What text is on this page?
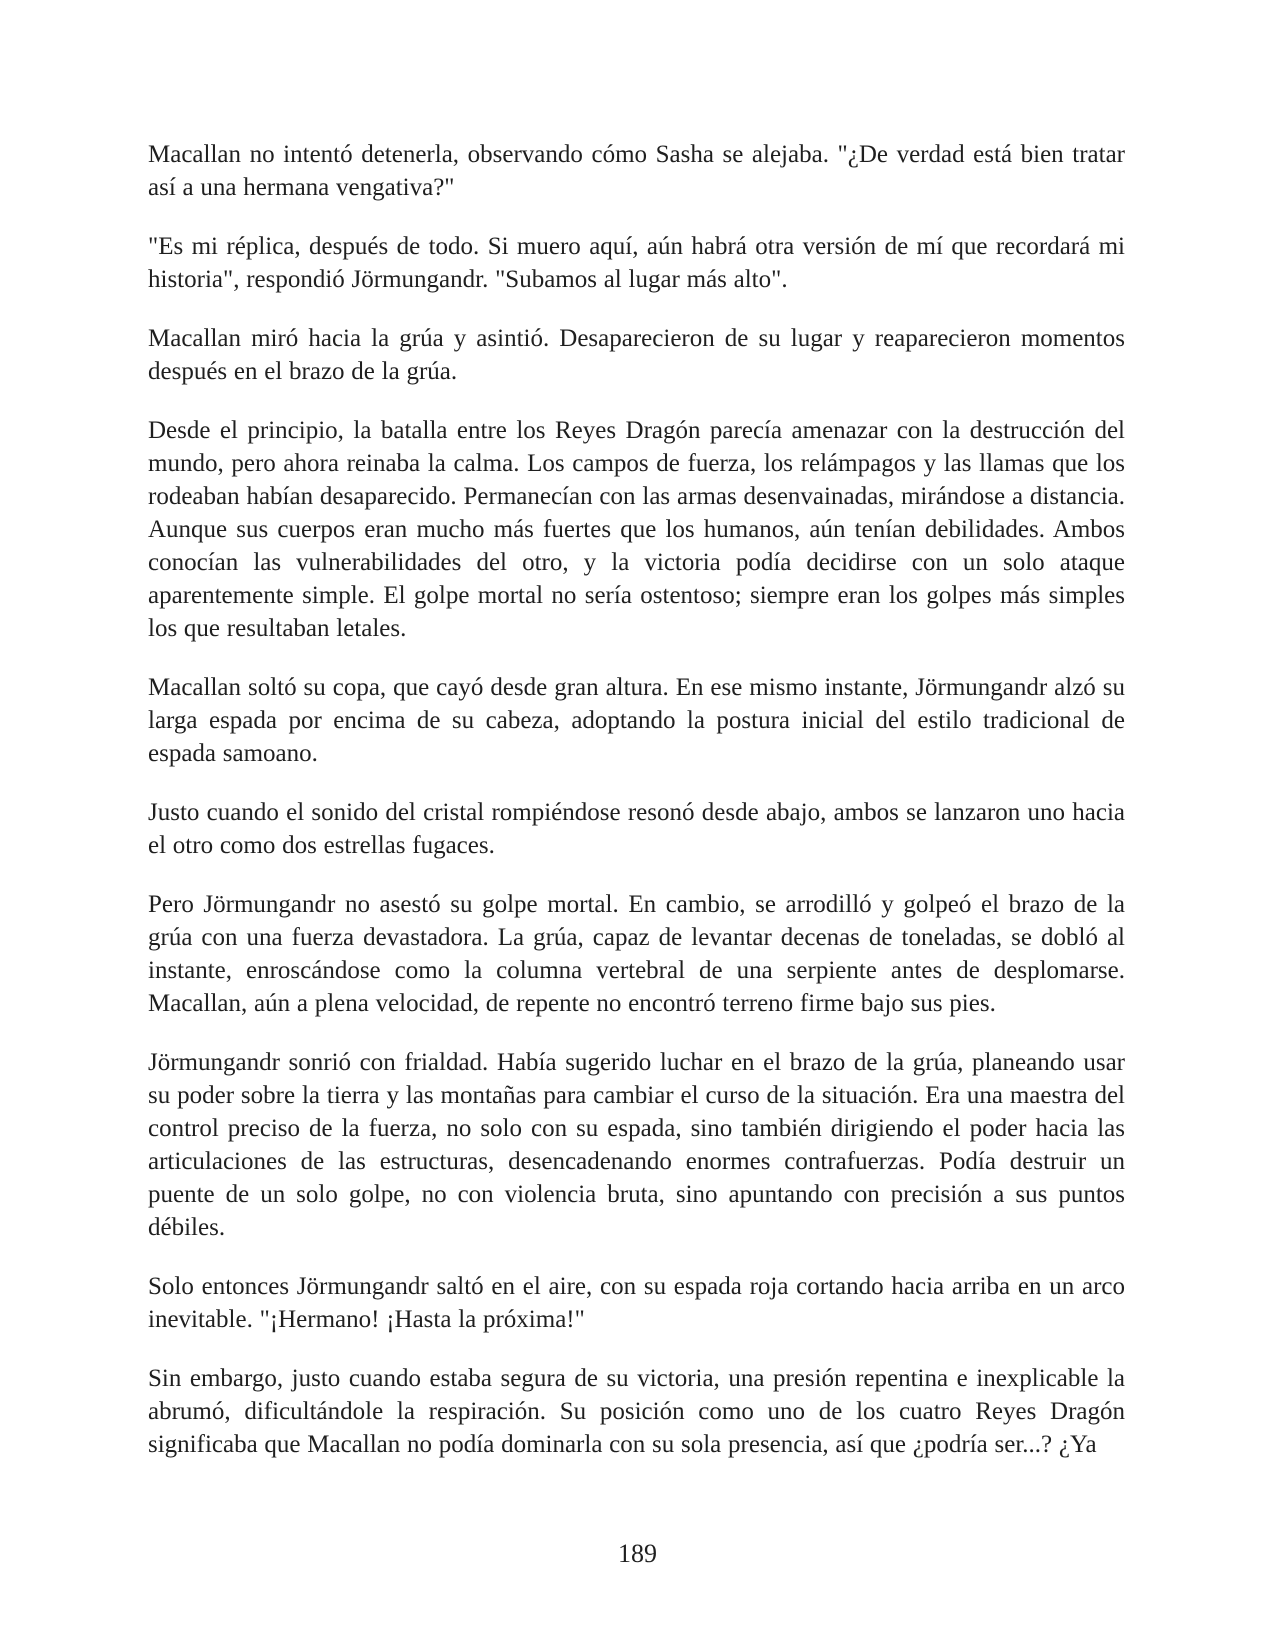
Macallan no intentó detenerla, observando cómo Sasha se alejaba. "¿De verdad está bien tratar así a una hermana vengativa?"

"Es mi réplica, después de todo. Si muero aquí, aún habrá otra versión de mí que recordará mi historia", respondió Jörmungandr. "Subamos al lugar más alto".

Macallan miró hacia la grúa y asintió. Desaparecieron de su lugar y reaparecieron momentos después en el brazo de la grúa.

Desde el principio, la batalla entre los Reyes Dragón parecía amenazar con la destrucción del mundo, pero ahora reinaba la calma. Los campos de fuerza, los relámpagos y las llamas que los rodeaban habían desaparecido. Permanecían con las armas desenvainadas, mirándose a distancia. Aunque sus cuerpos eran mucho más fuertes que los humanos, aún tenían debilidades. Ambos conocían las vulnerabilidades del otro, y la victoria podía decidirse con un solo ataque aparentemente simple. El golpe mortal no sería ostentoso; siempre eran los golpes más simples los que resultaban letales.

Macallan soltó su copa, que cayó desde gran altura. En ese mismo instante, Jörmungandr alzó su larga espada por encima de su cabeza, adoptando la postura inicial del estilo tradicional de espada samoano.

Justo cuando el sonido del cristal rompiéndose resonó desde abajo, ambos se lanzaron uno hacia el otro como dos estrellas fugaces.

Pero Jörmungandr no asestó su golpe mortal. En cambio, se arrodilló y golpeó el brazo de la grúa con una fuerza devastadora. La grúa, capaz de levantar decenas de toneladas, se dobló al instante, enroscándose como la columna vertebral de una serpiente antes de desplomarse. Macallan, aún a plena velocidad, de repente no encontró terreno firme bajo sus pies.

Jörmungandr sonrió con frialdad. Había sugerido luchar en el brazo de la grúa, planeando usar su poder sobre la tierra y las montañas para cambiar el curso de la situación. Era una maestra del control preciso de la fuerza, no solo con su espada, sino también dirigiendo el poder hacia las articulaciones de las estructuras, desencadenando enormes contrafuerzas. Podía destruir un puente de un solo golpe, no con violencia bruta, sino apuntando con precisión a sus puntos débiles.

Solo entonces Jörmungandr saltó en el aire, con su espada roja cortando hacia arriba en un arco inevitable. "¡Hermano! ¡Hasta la próxima!"

Sin embargo, justo cuando estaba segura de su victoria, una presión repentina e inexplicable la abrumó, dificultándole la respiración. Su posición como uno de los cuatro Reyes Dragón significaba que Macallan no podía dominarla con su sola presencia, así que ¿podría ser...? ¿Ya

189
